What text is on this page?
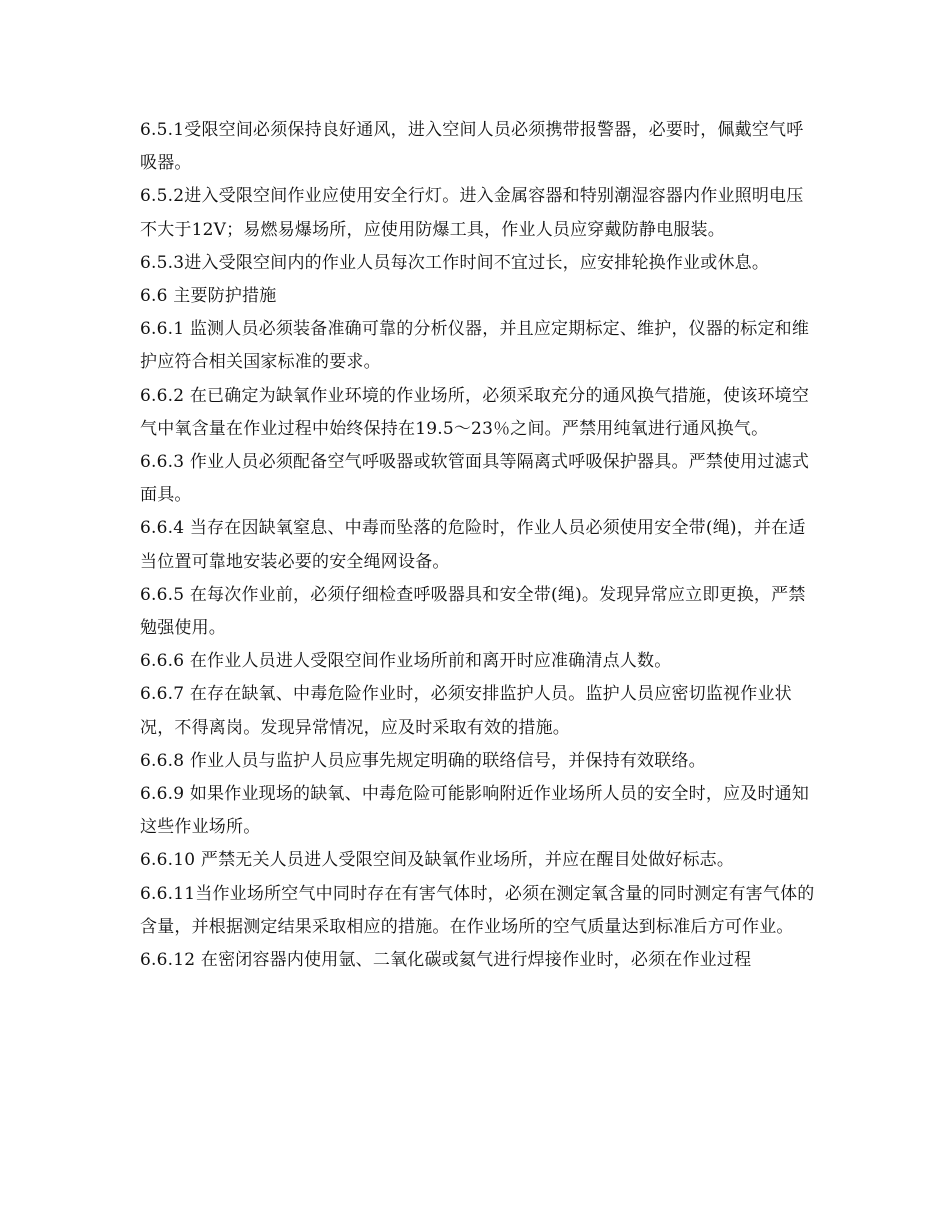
6.5.1受限空间必须保持良好通风，进入空间人员必须携带报警器，必要时，佩戴空气呼吸器。

6.5.2进入受限空间作业应使用安全行灯。进入金属容器和特别潮湿容器内作业照明电压不大于12V；易燃易爆场所，应使用防爆工具，作业人员应穿戴防静电服装。

6.5.3进入受限空间内的作业人员每次工作时间不宜过长，应安排轮换作业或休息。

6.6 主要防护措施

6.6.1 监测人员必须装备准确可靠的分析仪器，并且应定期标定、维护，仪器的标定和维护应符合相关国家标准的要求。

6.6.2 在已确定为缺氧作业环境的作业场所，必须采取充分的通风换气措施，使该环境空气中氧含量在作业过程中始终保持在19.5～23％之间。严禁用纯氧进行通风换气。

6.6.3 作业人员必须配备空气呼吸器或软管面具等隔离式呼吸保护器具。严禁使用过滤式面具。

6.6.4 当存在因缺氧窒息、中毒而坠落的危险时，作业人员必须使用安全带(绳)，并在适当位置可靠地安装必要的安全绳网设备。

6.6.5 在每次作业前，必须仔细检查呼吸器具和安全带(绳)。发现异常应立即更换，严禁勉强使用。

6.6.6 在作业人员进人受限空间作业场所前和离开时应准确清点人数。

6.6.7 在存在缺氧、中毒危险作业时，必须安排监护人员。监护人员应密切监视作业状况，不得离岗。发现异常情况，应及时采取有效的措施。

6.6.8 作业人员与监护人员应事先规定明确的联络信号，并保持有效联络。

6.6.9 如果作业现场的缺氧、中毒危险可能影响附近作业场所人员的安全时，应及时通知这些作业场所。

6.6.10 严禁无关人员进人受限空间及缺氧作业场所，并应在醒目处做好标志。

6.6.11当作业场所空气中同时存在有害气体时，必须在测定氧含量的同时测定有害气体的含量，并根据测定结果采取相应的措施。在作业场所的空气质量达到标准后方可作业。

6.6.12 在密闭容器内使用氩、二氧化碳或氦气进行焊接作业时，必须在作业过程
